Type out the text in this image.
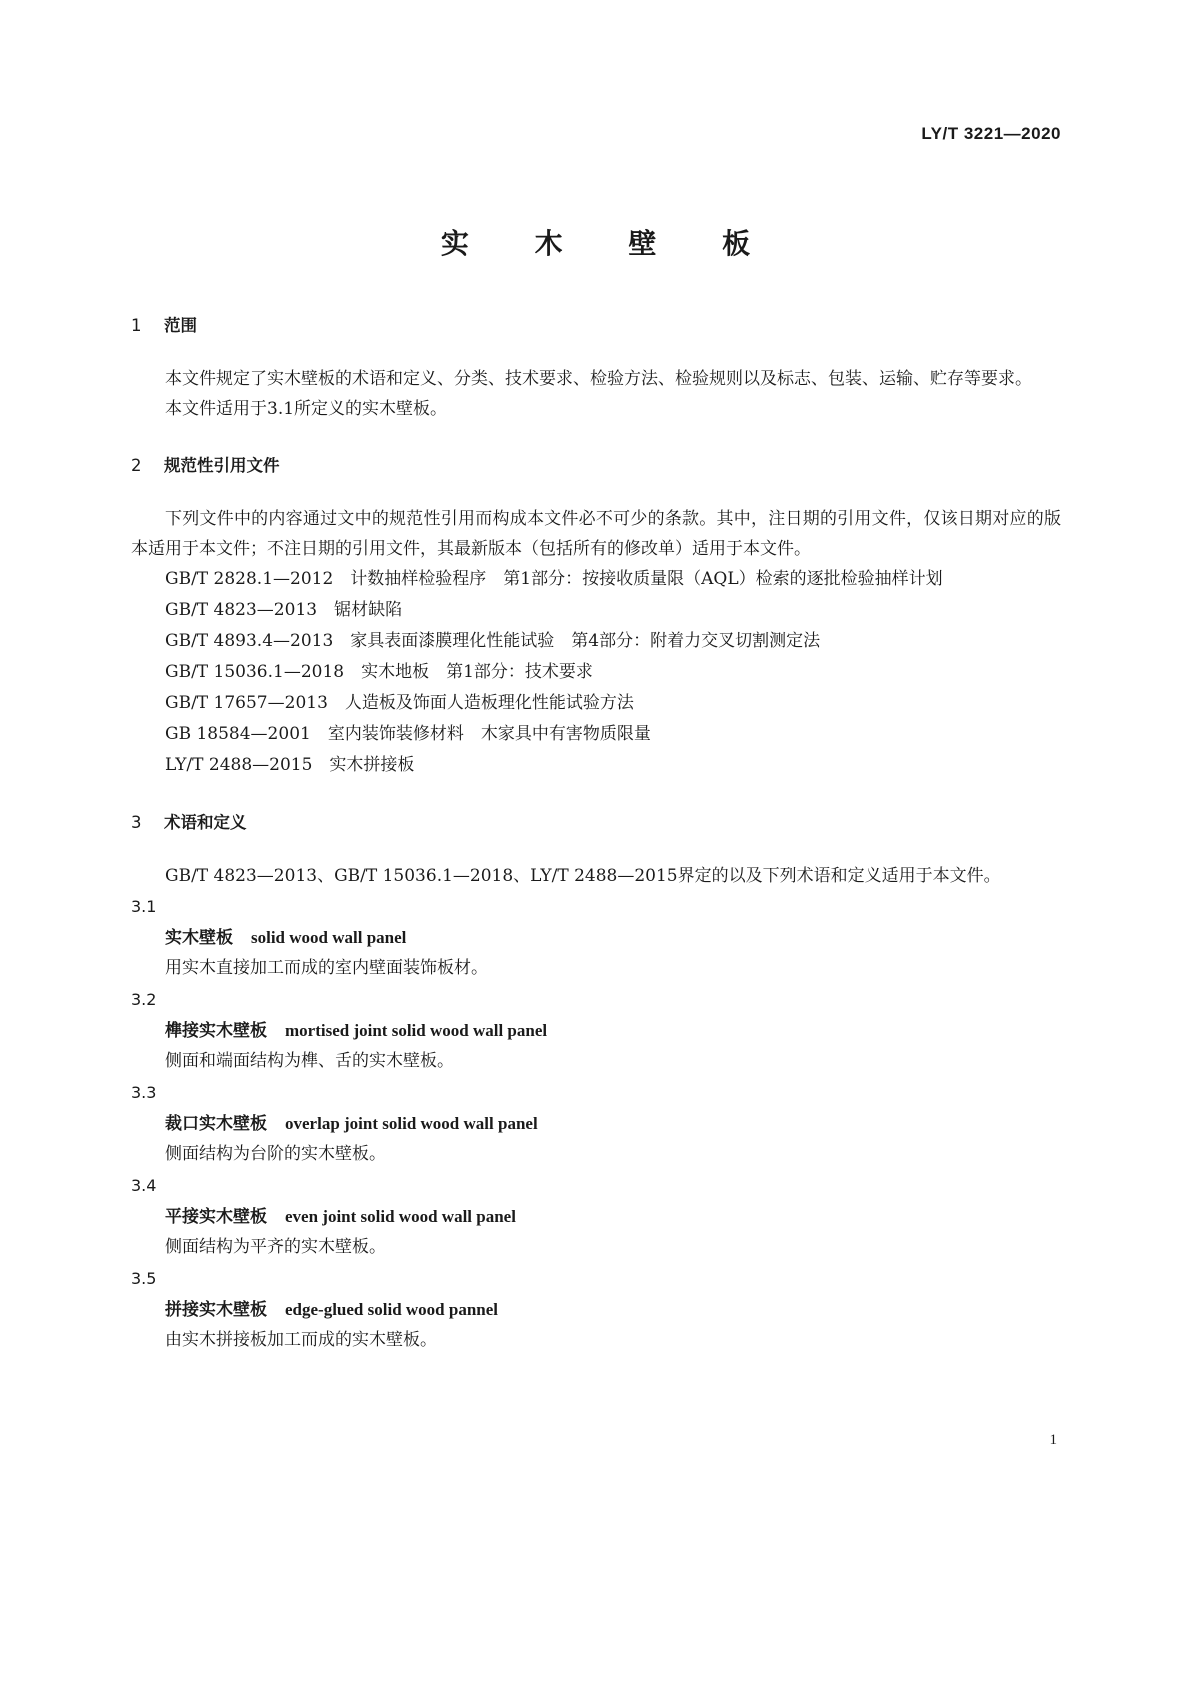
LY/T 3221—2020
实 木 壁 板
1 范围

本文件规定了实木壁板的术语和定义、分类、技术要求、检验方法、检验规则以及标志、包装、运输、贮存等要求。

本文件适用于3.1所定义的实木壁板。

2 规范性引用文件

下列文件中的内容通过文中的规范性引用而构成本文件必不可少的条款。其中，注日期的引用文件，仅该日期对应的版本适用于本文件；不注日期的引用文件，其最新版本（包括所有的修改单）适用于本文件。

GB/T 2828.1—2012　计数抽样检验程序　第1部分：按接收质量限（AQL）检索的逐批检验抽样计划

GB/T 4823—2013　锯材缺陷

GB/T 4893.4—2013　家具表面漆膜理化性能试验　第4部分：附着力交叉切割测定法

GB/T 15036.1—2018　实木地板　第1部分：技术要求

GB/T 17657—2013　人造板及饰面人造板理化性能试验方法

GB 18584—2001　室内装饰装修材料　木家具中有害物质限量

LY/T 2488—2015　实木拼接板

3 术语和定义

GB/T 4823—2013、GB/T 15036.1—2018、LY/T 2488—2015界定的以及下列术语和定义适用于本文件。

3.1
实木壁板 solid wood wall panel
用实木直接加工而成的室内壁面装饰板材。
3.2
榫接实木壁板 mortised joint solid wood wall panel
侧面和端面结构为榫、舌的实木壁板。
3.3
裁口实木壁板 overlap joint solid wood wall panel
侧面结构为台阶的实木壁板。
3.4
平接实木壁板 even joint solid wood wall panel
侧面结构为平齐的实木壁板。
3.5
拼接实木壁板 edge-glued solid wood pannel
由实木拼接板加工而成的实木壁板。
1
